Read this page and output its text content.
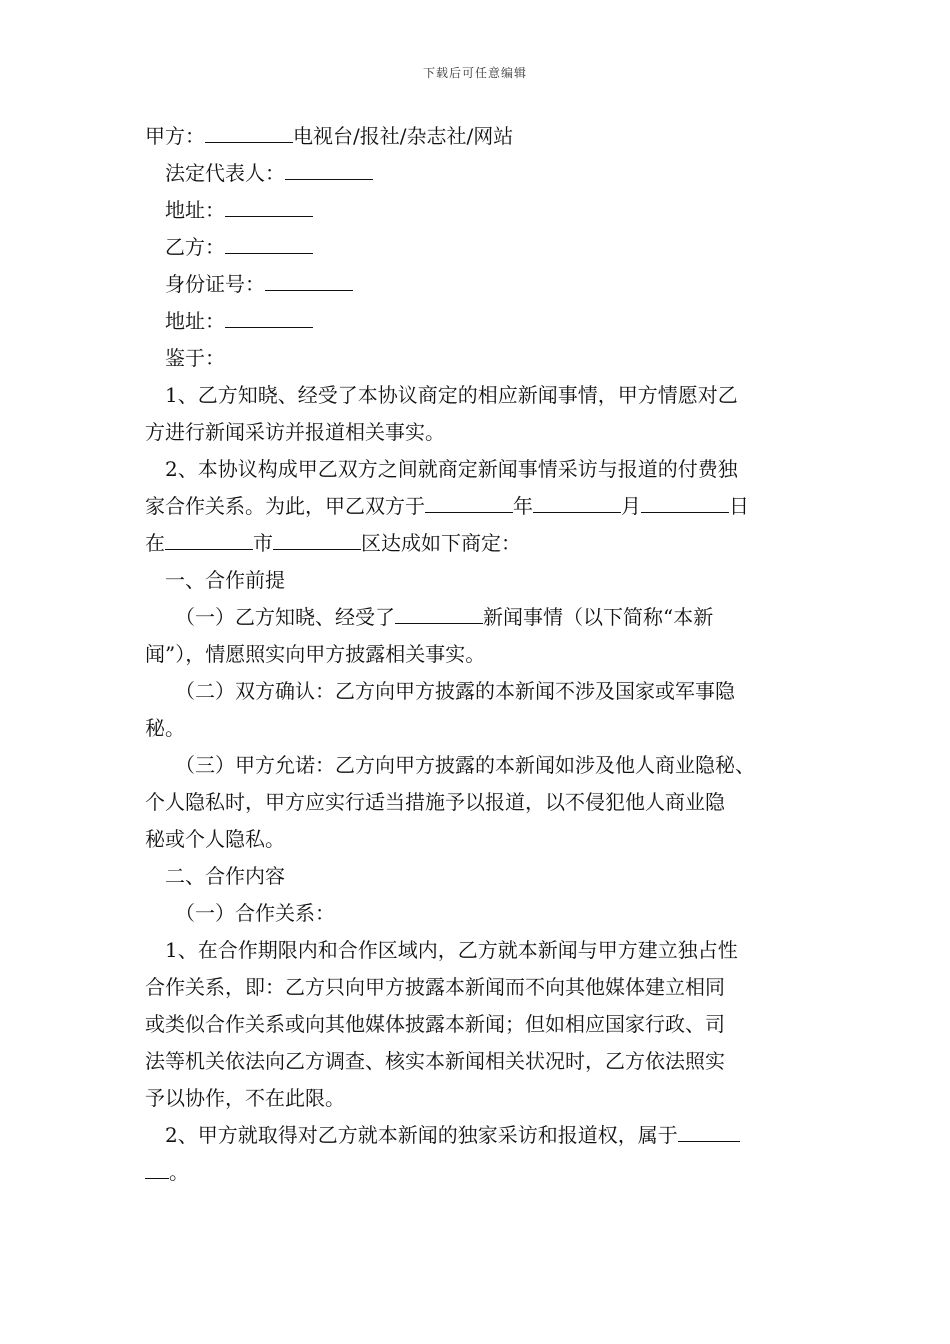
下载后可任意编辑
甲方：	电视台/报社/杂志社/网站
法定代表人：
地址：
乙方：
身份证号：
地址：
鉴于：
1、乙方知晓、经受了本协议商定的相应新闻事情，甲方情愿对乙
方进行新闻采访并报道相关事实。
2、本协议构成甲乙双方之间就商定新闻事情采访与报道的付费独
家合作关系。为此，甲乙双方于	年	月	日
在	市	区达成如下商定：
一、合作前提
（一）乙方知晓、经受了	新闻事情（以下简称“本新
闻”），情愿照实向甲方披露相关事实。
（二）双方确认：乙方向甲方披露的本新闻不涉及国家或军事隐
秘。
（三）甲方允诺：乙方向甲方披露的本新闻如涉及他人商业隐秘、
个人隐私时，甲方应实行适当措施予以报道，以不侵犯他人商业隐
秘或个人隐私。
二、合作内容
（一）合作关系：
1、在合作期限内和合作区域内，乙方就本新闻与甲方建立独占性
合作关系，即：乙方只向甲方披露本新闻而不向其他媒体建立相同
或类似合作关系或向其他媒体披露本新闻；但如相应国家行政、司
法等机关依法向乙方调查、核实本新闻相关状况时，乙方依法照实
予以协作，不在此限。
2、甲方就取得对乙方就本新闻的独家采访和报道权，属于
。
